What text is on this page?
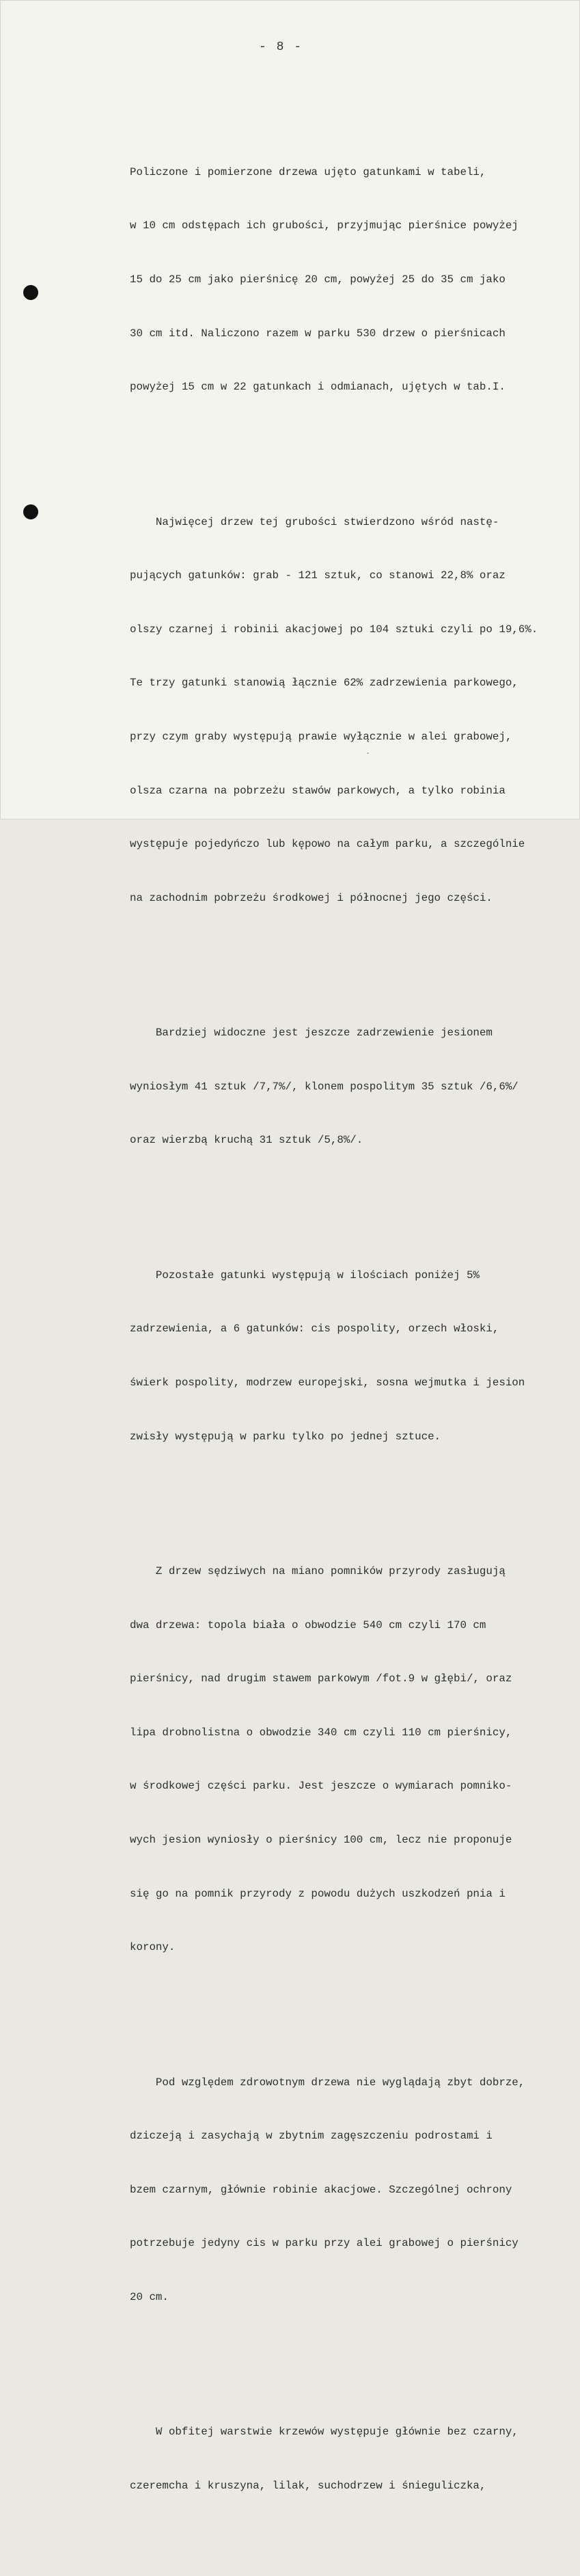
- 8 -

Policzone i pomierzone drzewa ujęto gatunkami w tabeli,

w 10 cm odstępach ich grubości, przyjmując pierśnice powyżej

15 do 25 cm jako pierśnicę 20 cm, powyżej 25 do 35 cm jako

30 cm itd. Naliczono razem w parku 530 drzew o pierśnicach

powyżej 15 cm w 22 gatunkach i odmianach, ujętych w tab.I.

Najwięcej drzew tej grubości stwierdzono wśród nastę-

pujących gatunków: grab - 121 sztuk, co stanowi 22,8% oraz

olszy czarnej i robinii akacjowej po 104 sztuki czyli po 19,6%.

Te trzy gatunki stanowią łącznie 62% zadrzewienia parkowego,

przy czym graby występują prawie wyłącznie w alei grabowej,

olsza czarna na pobrzeżu stawów parkowych, a tylko robinia

występuje pojedyńczo lub kępowo na całym parku, a szczególnie

na zachodnim pobrzeżu środkowej i północnej jego części.

Bardziej widoczne jest jeszcze zadrzewienie jesionem

wyniosłym 41 sztuk /7,7%/, klonem pospolitym 35 sztuk /6,6%/

oraz wierzbą kruchą 31 sztuk /5,8%/.

Pozostałe gatunki występują w ilościach poniżej 5%

zadrzewienia, a 6 gatunków: cis pospolity, orzech włoski,

świerk pospolity, modrzew europejski, sosna wejmutka i jesion

zwisły występują w parku tylko po jednej sztuce.

Z drzew sędziwych na miano pomników przyrody zasługują

dwa drzewa: topola biała o obwodzie 540 cm czyli 170 cm

pierśnicy, nad drugim stawem parkowym /fot.9 w głębi/, oraz

lipa drobnolistna o obwodzie 340 cm czyli 110 cm pierśnicy,

w środkowej części parku. Jest jeszcze o wymiarach pomniko-

wych jesion wyniosły o pierśnicy 100 cm, lecz nie proponuje

się go na pomnik przyrody z powodu dużych uszkodzeń pnia i

korony.

Pod względem zdrowotnym drzewa nie wyglądają zbyt dobrze,

dziczeją i zasychają w zbytnim zagęszczeniu podrostami i

bzem czarnym, głównie robinie akacjowe. Szczególnej ochrony

potrzebuje jedyny cis w parku przy alei grabowej o pierśnicy

20 cm.

W obfitej warstwie krzewów występuje głównie bez czarny,

czeremcha i kruszyna, lilak, suchodrzew i śnieguliczka,
